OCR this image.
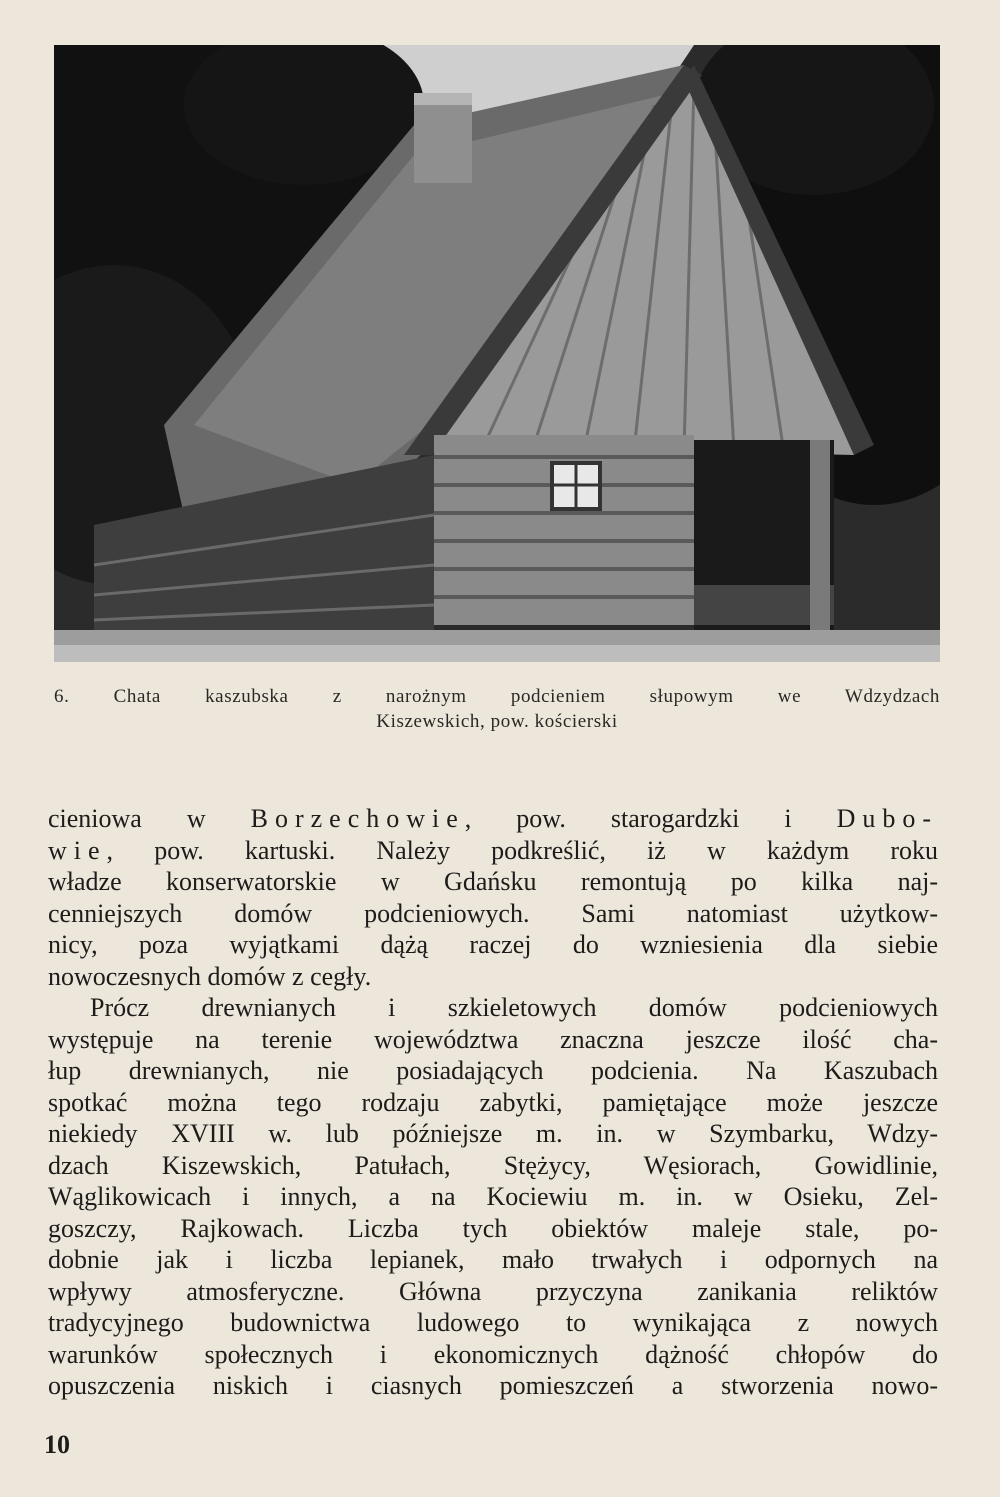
6. Chata kaszubska z narożnym podcieniem słupowym we Wdzydzach
Kiszewskich, pow. kościerski
cieniowa w Borzechowie, pow. starogardzki i Dubo-
wie, pow. kartuski. Należy podkreślić, iż w każdym roku
władze konserwatorskie w Gdańsku remontują po kilka naj-
cenniejszych domów podcieniowych. Sami natomiast użytkow-
nicy, poza wyjątkami dążą raczej do wzniesienia dla siebie
nowoczesnych domów z cegły.
Prócz drewnianych i szkieletowych domów podcieniowych
występuje na terenie województwa znaczna jeszcze ilość cha-
łup drewnianych, nie posiadających podcienia. Na Kaszubach
spotkać można tego rodzaju zabytki, pamiętające może jeszcze
niekiedy XVIII w. lub późniejsze m. in. w Szymbarku, Wdzy-
dzach Kiszewskich, Patułach, Stężycy, Węsiorach, Gowidlinie,
Wąglikowicach i innych, a na Kociewiu m. in. w Osieku, Zel-
goszczy, Rajkowach. Liczba tych obiektów maleje stale, po-
dobnie jak i liczba lepianek, mało trwałych i odpornych na
wpływy atmosferyczne. Główna przyczyna zanikania reliktów
tradycyjnego budownictwa ludowego to wynikająca z nowych
warunków społecznych i ekonomicznych dążność chłopów do
opuszczenia niskich i ciasnych pomieszczeń a stworzenia nowo-
10
